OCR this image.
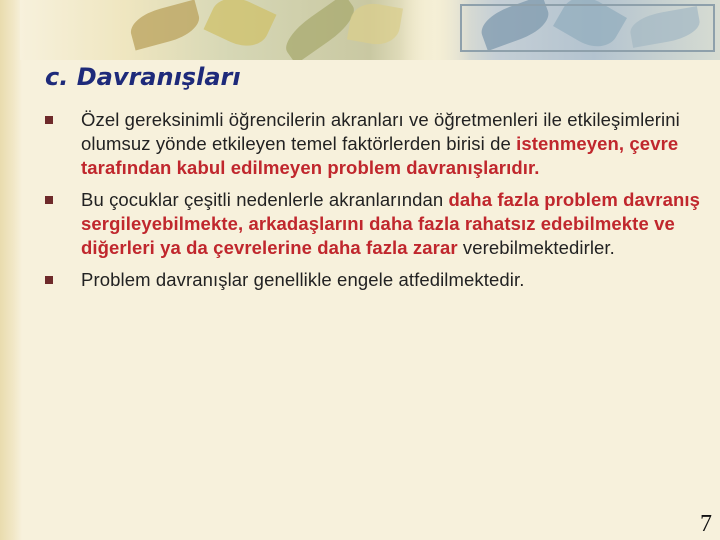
c. Davranışları
Özel gereksinimli öğrencilerin akranları ve öğretmenleri ile etkileşimlerini olumsuz yönde etkileyen temel faktörlerden birisi de istenmeyen, çevre tarafından kabul edilmeyen problem davranışlarıdır.
Bu çocuklar çeşitli nedenlerle akranlarından daha fazla problem davranış sergileyebilmekte, arkadaşlarını daha fazla rahatsız edebilmekte ve diğerleri ya da çevrelerine daha fazla zarar verebilmektedirler.
Problem davranışlar genellikle engele atfedilmektedir.
7
